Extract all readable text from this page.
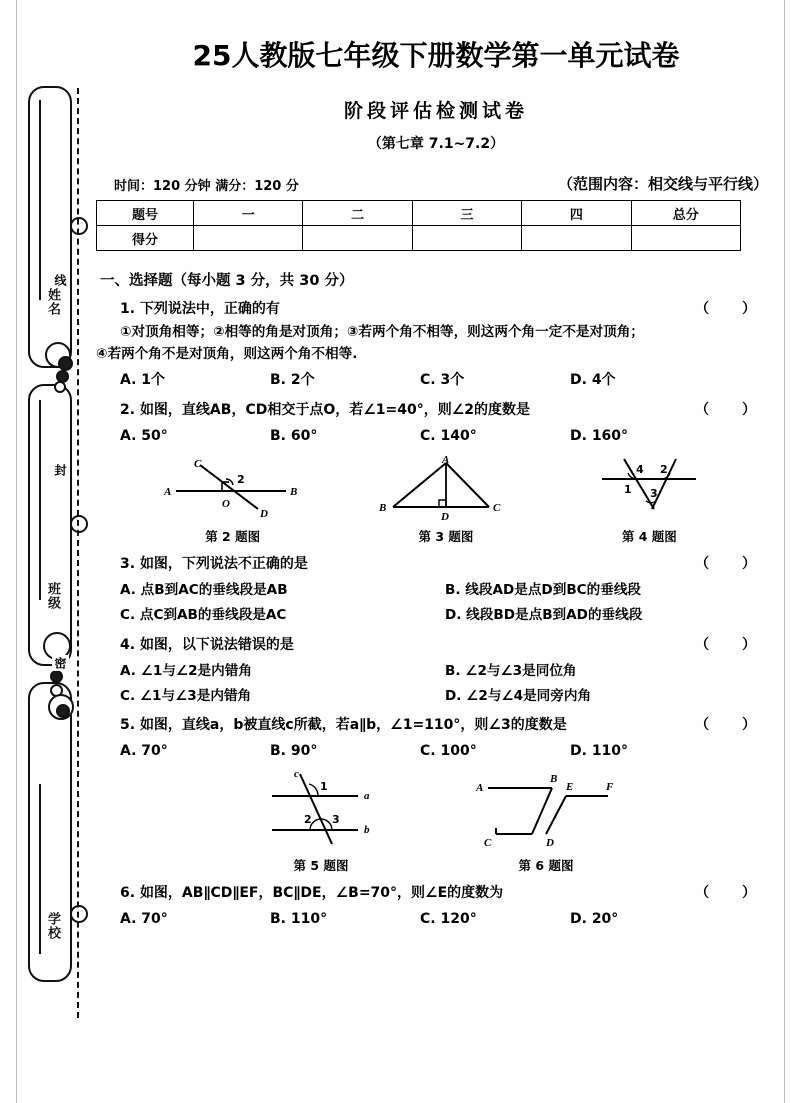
姓名
班级
学校
线
封
密
25人教版七年级下册数学第一单元试卷
阶段评估检测试卷
（第七章 7.1~7.2）
时间：120 分钟 满分：120 分	（范围内容：相交线与平行线）
题号	一	二	三	四	总分
得分					
一、选择题（每小题 3 分，共 30 分）
1. 下列说法中，正确的有	（ ）
①对顶角相等；②相等的角是对顶角；③若两个角不相等，则这两个角一定不是对顶角；
④若两个角不是对顶角，则这两个角不相等.
A. 1个	B. 2个	C. 3个	D. 4个
2. 如图，直线AB，CD相交于点O，若∠1=40°，则∠2的度数是	（ ）
A. 50°	B. 60°	C. 140°	D. 160°
C
A	B
O
D
2
第 2 题图
A
B	C
D
第 3 题图
4 2
1 3
第 4 题图
3. 如图，下列说法不正确的是	（ ）
A. 点B到AC的垂线段是AB	B. 线段AD是点D到BC的垂线段
C. 点C到AB的垂线段是AC	D. 线段BD是点B到AD的垂线段
4. 如图，以下说法错误的是	（ ）
A. ∠1与∠2是内错角	B. ∠2与∠3是同位角
C. ∠1与∠3是内错角	D. ∠2与∠4是同旁内角
5. 如图，直线a，b被直线c所截，若a∥b，∠1=110°，则∠3的度数是	（ ）
A. 70°	B. 90°	C. 100°	D. 110°
c
a
b
1
2 3
第 5 题图
A
B
E	F
C	D
第 6 题图
6. 如图，AB∥CD∥EF，BC∥DE，∠B=70°，则∠E的度数为	（ ）
A. 70°	B. 110°	C. 120°	D. 20°
